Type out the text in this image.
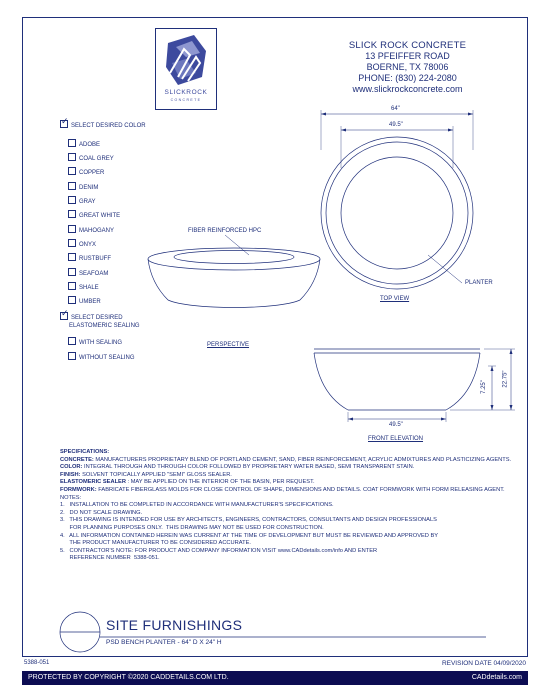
SLICKROCK
CONCRETE
SLICK ROCK CONCRETE
13 PFEIFFER ROAD
BOERNE, TX 78006
PHONE: (830) 224-2080
www.slickrockconcrete.com
✓ SELECT DESIRED COLOR
ADOBE
COAL GREY
COPPER
DENIM
GRAY
GREAT WHITE
MAHOGANY
ONYX
RUSTBUFF
SEAFOAM
SHALE
UMBER
✓ SELECT DESIRED
ELASTOMERIC SEALING
WITH SEALING
WITHOUT SEALING
FIBER REINFORCED HPC
PERSPECTIVE
TOP VIEW
PLANTER
FRONT ELEVATION
64"
49.5"
49.5"
7.25"	22.75"

SPECIFICATIONS:

CONCRETE: MANUFACTURERS PROPRIETARY BLEND OF PORTLAND CEMENT, SAND, FIBER REINFORCEMENT, ACRYLIC ADMIXTURES AND PLASTICIZING AGENTS.

COLOR: INTEGRAL THROUGH AND THROUGH COLOR FOLLOWED BY PROPRIETARY WATER BASED, SEMI TRANSPARENT STAIN.

FINISH: SOLVENT TOPICALLY APPLIED "SEMI" GLOSS SEALER.

ELASTOMERIC SEALER : MAY BE APPLIED ON THE INTERIOR OF THE BASIN, PER REQUEST.

FORMWORK: FABRICATE FIBERGLASS MOLDS FOR CLOSE CONTROL OF SHAPE, DIMENSIONS AND DETAILS. COAT FORMWORK WITH FORM RELEASING AGENT.

NOTES:

1.   INSTALLATION TO BE COMPLETED IN ACCORDANCE WITH MANUFACTURER'S SPECIFICATIONS.

2.   DO NOT SCALE DRAWING.

3.   THIS DRAWING IS INTENDED FOR USE BY ARCHITECTS, ENGINEERS, CONTRACTORS, CONSULTANTS AND DESIGN PROFESSIONALS

FOR PLANNING PURPOSES ONLY.  THIS DRAWING MAY NOT BE USED FOR CONSTRUCTION.

4.   ALL INFORMATION CONTAINED HEREIN WAS CURRENT AT THE TIME OF DEVELOPMENT BUT MUST BE REVIEWED AND APPROVED BY

THE PRODUCT MANUFACTURER TO BE CONSIDERED ACCURATE.

5.   CONTRACTOR'S NOTE: FOR PRODUCT AND COMPANY INFORMATION VISIT www.CADdetails.com/info AND ENTER

REFERENCE NUMBER  5388-051.

SITE FURNISHINGS
PSD BENCH PLANTER - 64" D X 24" H
5388-051	REVISION DATE 04/09/2020
PROTECTED BY COPYRIGHT ©2020 CADDETAILS.COM LTD.	CADdetails.com
